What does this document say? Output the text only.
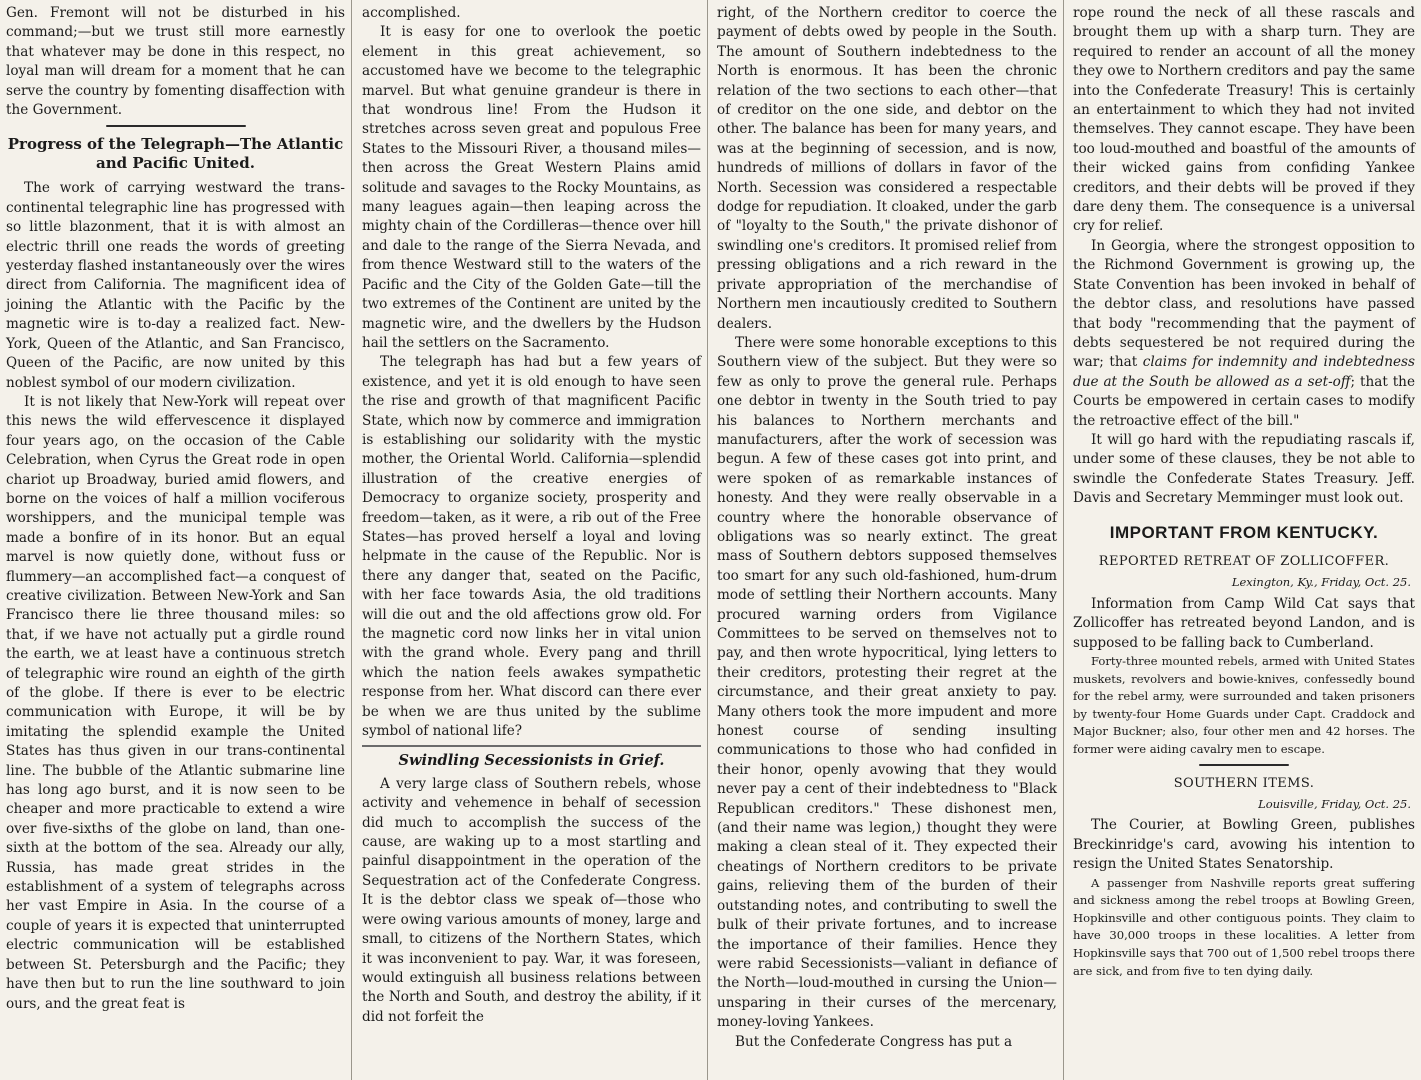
Gen. Fremont will not be disturbed in his command;—but we trust still more earnestly that whatever may be done in this respect, no loyal man will dream for a moment that he can serve the country by fomenting disaffection with the Government.

Progress of the Telegraph—The Atlantic and Pacific United.

The work of carrying westward the trans-continental telegraphic line has progressed with so little blazonment, that it is with almost an electric thrill one reads the words of greeting yesterday flashed instantaneously over the wires direct from California. The magnificent idea of joining the Atlantic with the Pacific by the magnetic wire is to-day a realized fact. New-York, Queen of the Atlantic, and San Francisco, Queen of the Pacific, are now united by this noblest symbol of our modern civilization.

It is not likely that New-York will repeat over this news the wild effervescence it displayed four years ago, on the occasion of the Cable Celebration, when Cyrus the Great rode in open chariot up Broadway, buried amid flowers, and borne on the voices of half a million vociferous worshippers, and the municipal temple was made a bonfire of in its honor. But an equal marvel is now quietly done, without fuss or flummery—an accomplished fact—a conquest of creative civilization. Between New-York and San Francisco there lie three thousand miles: so that, if we have not actually put a girdle round the earth, we at least have a continuous stretch of telegraphic wire round an eighth of the girth of the globe. If there is ever to be electric communication with Europe, it will be by imitating the splendid example the United States has thus given in our trans-continental line. The bubble of the Atlantic submarine line has long ago burst, and it is now seen to be cheaper and more practicable to extend a wire over five-sixths of the globe on land, than one-sixth at the bottom of the sea. Already our ally, Russia, has made great strides in the establishment of a system of telegraphs across her vast Empire in Asia. In the course of a couple of years it is expected that uninterrupted electric communication will be established between St. Petersburgh and the Pacific; they have then but to run the line southward to join ours, and the great feat is

accomplished.

It is easy for one to overlook the poetic element in this great achievement, so accustomed have we become to the telegraphic marvel. But what genuine grandeur is there in that wondrous line! From the Hudson it stretches across seven great and populous Free States to the Missouri River, a thousand miles—then across the Great Western Plains amid solitude and savages to the Rocky Mountains, as many leagues again—then leaping across the mighty chain of the Cordilleras—thence over hill and dale to the range of the Sierra Nevada, and from thence Westward still to the waters of the Pacific and the City of the Golden Gate—till the two extremes of the Continent are united by the magnetic wire, and the dwellers by the Hudson hail the settlers on the Sacramento.

The telegraph has had but a few years of existence, and yet it is old enough to have seen the rise and growth of that magnificent Pacific State, which now by commerce and immigration is establishing our solidarity with the mystic mother, the Oriental World. California—splendid illustration of the creative energies of Democracy to organize society, prosperity and freedom—taken, as it were, a rib out of the Free States—has proved herself a loyal and loving helpmate in the cause of the Republic. Nor is there any danger that, seated on the Pacific, with her face towards Asia, the old traditions will die out and the old affections grow old. For the magnetic cord now links her in vital union with the grand whole. Every pang and thrill which the nation feels awakes sympathetic response from her. What discord can there ever be when we are thus united by the sublime symbol of national life?

Swindling Secessionists in Grief.

A very large class of Southern rebels, whose activity and vehemence in behalf of secession did much to accomplish the success of the cause, are waking up to a most startling and painful disappointment in the operation of the Sequestration act of the Confederate Congress. It is the debtor class we speak of—those who were owing various amounts of money, large and small, to citizens of the Northern States, which it was inconvenient to pay. War, it was foreseen, would extinguish all business relations between the North and South, and destroy the ability, if it did not forfeit the

right, of the Northern creditor to coerce the payment of debts owed by people in the South. The amount of Southern indebtedness to the North is enormous. It has been the chronic relation of the two sections to each other—that of creditor on the one side, and debtor on the other. The balance has been for many years, and was at the beginning of secession, and is now, hundreds of millions of dollars in favor of the North. Secession was considered a respectable dodge for repudiation. It cloaked, under the garb of "loyalty to the South," the private dishonor of swindling one's creditors. It promised relief from pressing obligations and a rich reward in the private appropriation of the merchandise of Northern men incautiously credited to Southern dealers.

There were some honorable exceptions to this Southern view of the subject. But they were so few as only to prove the general rule. Perhaps one debtor in twenty in the South tried to pay his balances to Northern merchants and manufacturers, after the work of secession was begun. A few of these cases got into print, and were spoken of as remarkable instances of honesty. And they were really observable in a country where the honorable observance of obligations was so nearly extinct. The great mass of Southern debtors supposed themselves too smart for any such old-fashioned, hum-drum mode of settling their Northern accounts. Many procured warning orders from Vigilance Committees to be served on themselves not to pay, and then wrote hypocritical, lying letters to their creditors, protesting their regret at the circumstance, and their great anxiety to pay. Many others took the more impudent and more honest course of sending insulting communications to those who had confided in their honor, openly avowing that they would never pay a cent of their indebtedness to "Black Republican creditors." These dishonest men, (and their name was legion,) thought they were making a clean steal of it. They expected their cheatings of Northern creditors to be private gains, relieving them of the burden of their outstanding notes, and contributing to swell the bulk of their private fortunes, and to increase the importance of their families. Hence they were rabid Secessionists—valiant in defiance of the North—loud-mouthed in cursing the Union—unsparing in their curses of the mercenary, money-loving Yankees.

But the Confederate Congress has put a

rope round the neck of all these rascals and brought them up with a sharp turn. They are required to render an account of all the money they owe to Northern creditors and pay the same into the Confederate Treasury! This is certainly an entertainment to which they had not invited themselves. They cannot escape. They have been too loud-mouthed and boastful of the amounts of their wicked gains from confiding Yankee creditors, and their debts will be proved if they dare deny them. The consequence is a universal cry for relief.

In Georgia, where the strongest opposition to the Richmond Government is growing up, the State Convention has been invoked in behalf of the debtor class, and resolutions have passed that body "recommending that the payment of debts sequestered be not required during the war; that claims for indemnity and indebtedness due at the South be allowed as a set-off; that the Courts be empowered in certain cases to modify the retroactive effect of the bill."

It will go hard with the repudiating rascals if, under some of these clauses, they be not able to swindle the Confederate States Treasury. Jeff. Davis and Secretary Memminger must look out.

IMPORTANT FROM KENTUCKY.
REPORTED RETREAT OF ZOLLICOFFER.
Lexington, Ky., Friday, Oct. 25.

Information from Camp Wild Cat says that Zollicoffer has retreated beyond Landon, and is supposed to be falling back to Cumberland.

Forty-three mounted rebels, armed with United States muskets, revolvers and bowie-knives, confessedly bound for the rebel army, were surrounded and taken prisoners by twenty-four Home Guards under Capt. Craddock and Major Buckner; also, four other men and 42 horses. The former were aiding cavalry men to escape.

SOUTHERN ITEMS.
Louisville, Friday, Oct. 25.

The Courier, at Bowling Green, publishes Breckinridge's card, avowing his intention to resign the United States Senatorship.

A passenger from Nashville reports great suffering and sickness among the rebel troops at Bowling Green, Hopkinsville and other contiguous points. They claim to have 30,000 troops in these localities. A letter from Hopkinsville says that 700 out of 1,500 rebel troops there are sick, and from five to ten dying daily.
